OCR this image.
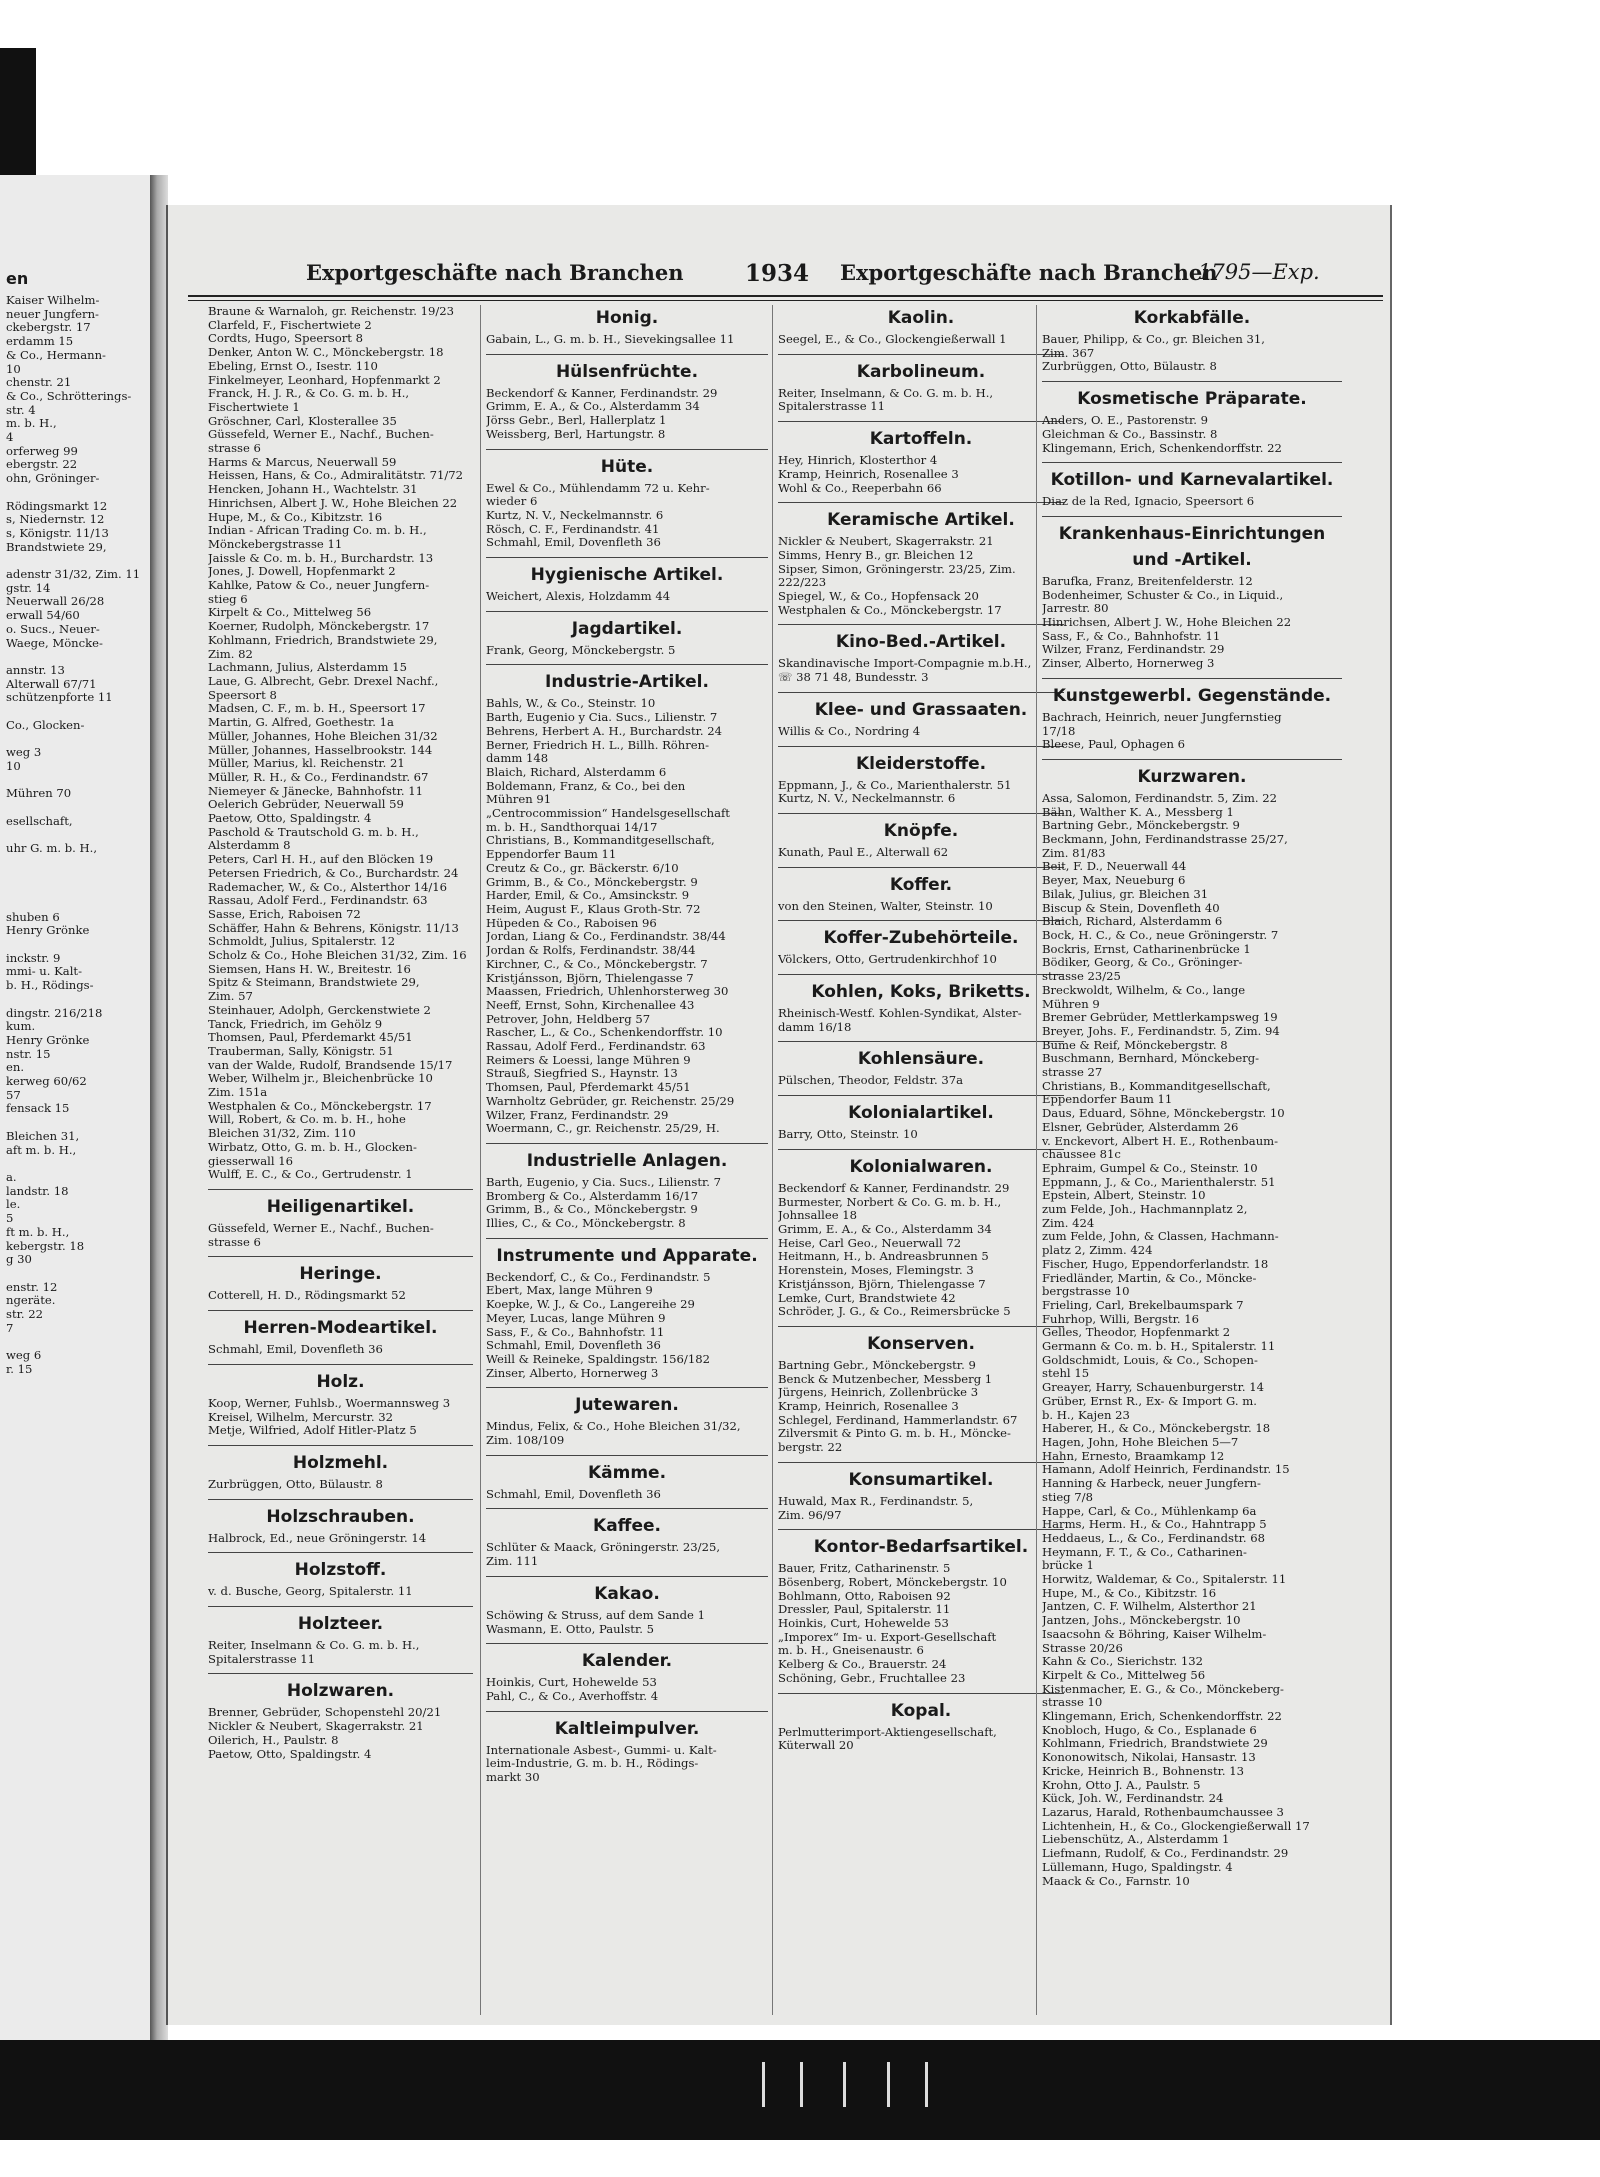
en

Kaiser Wilhelm-

neuer Jungfern-

ckebergstr. 17

erdamm 15

& Co., Hermann-

10

chenstr. 21

& Co., Schrötterings-

str. 4

m. b. H.,

4

orferweg 99

ebergstr. 22

ohn, Gröninger-

Rödingsmarkt 12

s, Niedernstr. 12

s, Königstr. 11/13

Brandstwiete 29,

adenstr 31/32, Zim. 11

gstr. 14

Neuerwall 26/28

erwall 54/60

o. Sucs., Neuer-

Waege, Möncke-

annstr. 13

Alterwall 67/71

schützenpforte 11

Co., Glocken-

weg 3

10

Mühren 70

esellschaft,

uhr G. m. b. H.,

shuben 6

Henry Grönke

inckstr. 9

mmi- u. Kalt-

b. H., Rödings-

dingstr. 216/218

kum.

Henry Grönke

nstr. 15

en.

kerweg 60/62

57

fensack 15

Bleichen 31,

aft m. b. H.,

a.

landstr. 18

le.

5

ft m. b. H.,

kebergstr. 18

g 30

enstr. 12

ngeräte.

str. 22

7

weg 6

r. 15

Exportgeschäfte nach Branchen	1934 Exportgeschäfte nach Branchen
1795—Exp.

Braune & Warnaloh, gr. Reichenstr. 19/23

Clarfeld, F., Fischertwiete 2

Cordts, Hugo, Speersort 8

Denker, Anton W. C., Mönckebergstr. 18

Ebeling, Ernst O., Isestr. 110

Finkelmeyer, Leonhard, Hopfenmarkt 2

Franck, H. J. R., & Co. G. m. b. H.,

Fischertwiete 1

Gröschner, Carl, Klosterallee 35

Güssefeld, Werner E., Nachf., Buchen-

strasse 6

Harms & Marcus, Neuerwall 59

Heissen, Hans, & Co., Admiralitätstr. 71/72

Hencken, Johann H., Wachtelstr. 31

Hinrichsen, Albert J. W., Hohe Bleichen 22

Hupe, M., & Co., Kibitzstr. 16

Indian - African Trading Co. m. b. H.,

Mönckebergstrasse 11

Jaissle & Co. m. b. H., Burchardstr. 13

Jones, J. Dowell, Hopfenmarkt 2

Kahlke, Patow & Co., neuer Jungfern-

stieg 6

Kirpelt & Co., Mittelweg 56

Koerner, Rudolph, Mönckebergstr. 17

Kohlmann, Friedrich, Brandstwiete 29,

Zim. 82

Lachmann, Julius, Alsterdamm 15

Laue, G. Albrecht, Gebr. Drexel Nachf.,

Speersort 8

Madsen, C. F., m. b. H., Speersort 17

Martin, G. Alfred, Goethestr. 1a

Müller, Johannes, Hohe Bleichen 31/32

Müller, Johannes, Hasselbrookstr. 144

Müller, Marius, kl. Reichenstr. 21

Müller, R. H., & Co., Ferdinandstr. 67

Niemeyer & Jänecke, Bahnhofstr. 11

Oelerich Gebrüder, Neuerwall 59

Paetow, Otto, Spaldingstr. 4

Paschold & Trautschold G. m. b. H.,

Alsterdamm 8

Peters, Carl H. H., auf den Blöcken 19

Petersen Friedrich, & Co., Burchardstr. 24

Rademacher, W., & Co., Alsterthor 14/16

Rassau, Adolf Ferd., Ferdinandstr. 63

Sasse, Erich, Raboisen 72

Schäffer, Hahn & Behrens, Königstr. 11/13

Schmoldt, Julius, Spitalerstr. 12

Scholz & Co., Hohe Bleichen 31/32, Zim. 16

Siemsen, Hans H. W., Breitestr. 16

Spitz & Steimann, Brandstwiete 29,

Zim. 57

Steinhauer, Adolph, Gerckenstwiete 2

Tanck, Friedrich, im Gehölz 9

Thomsen, Paul, Pferdemarkt 45/51

Trauberman, Sally, Königstr. 51

van der Walde, Rudolf, Brandsende 15/17

Weber, Wilhelm jr., Bleichenbrücke 10

Zim. 151a

Westphalen & Co., Mönckebergstr. 17

Will, Robert, & Co. m. b. H., hohe

Bleichen 31/32, Zim. 110

Wirbatz, Otto, G. m. b. H., Glocken-

giesserwall 16

Wulff, E. C., & Co., Gertrudenstr. 1

Heiligenartikel.

Güssefeld, Werner E., Nachf., Buchen-

strasse 6

Heringe.

Cotterell, H. D., Rödingsmarkt 52

Herren-Modeartikel.

Schmahl, Emil, Dovenfleth 36

Holz.

Koop, Werner, Fuhlsb., Woermannsweg 3

Kreisel, Wilhelm, Mercurstr. 32

Metje, Wilfried, Adolf Hitler-Platz 5

Holzmehl.

Zurbrüggen, Otto, Bülaustr. 8

Holzschrauben.

Halbrock, Ed., neue Gröningerstr. 14

Holzstoff.

v. d. Busche, Georg, Spitalerstr. 11

Holzteer.

Reiter, Inselmann & Co. G. m. b. H.,

Spitalerstrasse 11

Holzwaren.

Brenner, Gebrüder, Schopenstehl 20/21

Nickler & Neubert, Skagerrakstr. 21

Oilerich, H., Paulstr. 8

Paetow, Otto, Spaldingstr. 4

Honig.

Gabain, L., G. m. b. H., Sievekingsallee 11

Hülsenfrüchte.

Beckendorf & Kanner, Ferdinandstr. 29

Grimm, E. A., & Co., Alsterdamm 34

Jörss Gebr., Berl, Hallerplatz 1

Weissberg, Berl, Hartungstr. 8

Hüte.

Ewel & Co., Mühlendamm 72 u. Kehr-

wieder 6

Kurtz, N. V., Neckelmannstr. 6

Rösch, C. F., Ferdinandstr. 41

Schmahl, Emil, Dovenfleth 36

Hygienische Artikel.

Weichert, Alexis, Holzdamm 44

Jagdartikel.

Frank, Georg, Mönckebergstr. 5

Industrie-Artikel.

Bahls, W., & Co., Steinstr. 10

Barth, Eugenio y Cia. Sucs., Lilienstr. 7

Behrens, Herbert A. H., Burchardstr. 24

Berner, Friedrich H. L., Billh. Röhren-

damm 148

Blaich, Richard, Alsterdamm 6

Boldemann, Franz, & Co., bei den

Mühren 91

„Centrocommission“ Handelsgesellschaft

m. b. H., Sandthorquai 14/17

Christians, B., Kommanditgesellschaft,

Eppendorfer Baum 11

Creutz & Co., gr. Bäckerstr. 6/10

Grimm, B., & Co., Mönckebergstr. 9

Harder, Emil, & Co., Amsinckstr. 9

Heim, August F., Klaus Groth-Str. 72

Hüpeden & Co., Raboisen 96

Jordan, Liang & Co., Ferdinandstr. 38/44

Jordan & Rolfs, Ferdinandstr. 38/44

Kirchner, C., & Co., Mönckebergstr. 7

Kristjánsson, Björn, Thielengasse 7

Maassen, Friedrich, Uhlenhorsterweg 30

Neeff, Ernst, Sohn, Kirchenallee 43

Petrover, John, Heldberg 57

Rascher, L., & Co., Schenkendorffstr. 10

Rassau, Adolf Ferd., Ferdinandstr. 63

Reimers & Loessi, lange Mühren 9

Strauß, Siegfried S., Haynstr. 13

Thomsen, Paul, Pferdemarkt 45/51

Warnholtz Gebrüder, gr. Reichenstr. 25/29

Wilzer, Franz, Ferdinandstr. 29

Woermann, C., gr. Reichenstr. 25/29, H.

Industrielle Anlagen.

Barth, Eugenio, y Cia. Sucs., Lilienstr. 7

Bromberg & Co., Alsterdamm 16/17

Grimm, B., & Co., Mönckebergstr. 9

Illies, C., & Co., Mönckebergstr. 8

Instrumente und Apparate.

Beckendorf, C., & Co., Ferdinandstr. 5

Ebert, Max, lange Mühren 9

Koepke, W. J., & Co., Langereihe 29

Meyer, Lucas, lange Mühren 9

Sass, F., & Co., Bahnhofstr. 11

Schmahl, Emil, Dovenfleth 36

Weill & Reineke, Spaldingstr. 156/182

Zinser, Alberto, Hornerweg 3

Jutewaren.

Mindus, Felix, & Co., Hohe Bleichen 31/32,

Zim. 108/109

Kämme.

Schmahl, Emil, Dovenfleth 36

Kaffee.

Schlüter & Maack, Gröningerstr. 23/25,

Zim. 111

Kakao.

Schöwing & Struss, auf dem Sande 1

Wasmann, E. Otto, Paulstr. 5

Kalender.

Hoinkis, Curt, Hohewelde 53

Pahl, C., & Co., Averhoffstr. 4

Kaltleimpulver.

Internationale Asbest-, Gummi- u. Kalt-

leim-Industrie, G. m. b. H., Rödings-

markt 30

Kaolin.

Seegel, E., & Co., Glockengießerwall 1

Karbolineum.

Reiter, Inselmann, & Co. G. m. b. H.,

Spitalerstrasse 11

Kartoffeln.

Hey, Hinrich, Klosterthor 4

Kramp, Heinrich, Rosenallee 3

Wohl & Co., Reeperbahn 66

Keramische Artikel.

Nickler & Neubert, Skagerrakstr. 21

Simms, Henry B., gr. Bleichen 12

Sipser, Simon, Gröningerstr. 23/25, Zim.

222/223

Spiegel, W., & Co., Hopfensack 20

Westphalen & Co., Mönckebergstr. 17

Kino-Bed.-Artikel.

Skandinavische Import-Compagnie m.b.H.,

☏ 38 71 48, Bundesstr. 3

Klee- und Grassaaten.

Willis & Co., Nordring 4

Kleiderstoffe.

Eppmann, J., & Co., Marienthalerstr. 51

Kurtz, N. V., Neckelmannstr. 6

Knöpfe.

Kunath, Paul E., Alterwall 62

Koffer.

von den Steinen, Walter, Steinstr. 10

Koffer-Zubehörteile.

Völckers, Otto, Gertrudenkirchhof 10

Kohlen, Koks, Briketts.

Rheinisch-Westf. Kohlen-Syndikat, Alster-

damm 16/18

Kohlensäure.

Pülschen, Theodor, Feldstr. 37a

Kolonialartikel.

Barry, Otto, Steinstr. 10

Kolonialwaren.

Beckendorf & Kanner, Ferdinandstr. 29

Burmester, Norbert & Co. G. m. b. H.,

Johnsallee 18

Grimm, E. A., & Co., Alsterdamm 34

Heise, Carl Geo., Neuerwall 72

Heitmann, H., b. Andreasbrunnen 5

Horenstein, Moses, Flemingstr. 3

Kristjánsson, Björn, Thielengasse 7

Lemke, Curt, Brandstwiete 42

Schröder, J. G., & Co., Reimersbrücke 5

Konserven.

Bartning Gebr., Mönckebergstr. 9

Benck & Mutzenbecher, Messberg 1

Jürgens, Heinrich, Zollenbrücke 3

Kramp, Heinrich, Rosenallee 3

Schlegel, Ferdinand, Hammerlandstr. 67

Zilversmit & Pinto G. m. b. H., Möncke-

bergstr. 22

Konsumartikel.

Huwald, Max R., Ferdinandstr. 5,

Zim. 96/97

Kontor-Bedarfsartikel.

Bauer, Fritz, Catharinenstr. 5

Bösenberg, Robert, Mönckebergstr. 10

Bohlmann, Otto, Raboisen 92

Dressler, Paul, Spitalerstr. 11

Hoinkis, Curt, Hohewelde 53

„Imporex“ Im- u. Export-Gesellschaft

m. b. H., Gneisenaustr. 6

Kelberg & Co., Brauerstr. 24

Schöning, Gebr., Fruchtallee 23

Kopal.

Perlmutterimport-Aktiengesellschaft,

Küterwall 20

Korkabfälle.

Bauer, Philipp, & Co., gr. Bleichen 31,

Zim. 367

Zurbrüggen, Otto, Bülaustr. 8

Kosmetische Präparate.

Anders, O. E., Pastorenstr. 9

Gleichman & Co., Bassinstr. 8

Klingemann, Erich, Schenkendorffstr. 22

Kotillon- und Karnevalartikel.

Diaz de la Red, Ignacio, Speersort 6

Krankenhaus-Einrichtungen
und -Artikel.

Barufka, Franz, Breitenfelderstr. 12

Bodenheimer, Schuster & Co., in Liquid.,

Jarrestr. 80

Hinrichsen, Albert J. W., Hohe Bleichen 22

Sass, F., & Co., Bahnhofstr. 11

Wilzer, Franz, Ferdinandstr. 29

Zinser, Alberto, Hornerweg 3

Kunstgewerbl. Gegenstände.

Bachrach, Heinrich, neuer Jungfernstieg

17/18

Bleese, Paul, Ophagen 6

Kurzwaren.

Assa, Salomon, Ferdinandstr. 5, Zim. 22

Bähn, Walther K. A., Messberg 1

Bartning Gebr., Mönckebergstr. 9

Beckmann, John, Ferdinandstrasse 25/27,

Zim. 81/83

Beit, F. D., Neuerwall 44

Beyer, Max, Neueburg 6

Bilak, Julius, gr. Bleichen 31

Biscup & Stein, Dovenfleth 40

Blaich, Richard, Alsterdamm 6

Bock, H. C., & Co., neue Gröningerstr. 7

Bockris, Ernst, Catharinenbrücke 1

Bödiker, Georg, & Co., Gröninger-

strasse 23/25

Breckwoldt, Wilhelm, & Co., lange

Mühren 9

Bremer Gebrüder, Mettlerkampsweg 19

Breyer, Johs. F., Ferdinandstr. 5, Zim. 94

Bume & Reif, Mönckebergstr. 8

Buschmann, Bernhard, Mönckeberg-

strasse 27

Christians, B., Kommanditgesellschaft,

Eppendorfer Baum 11

Daus, Eduard, Söhne, Mönckebergstr. 10

Elsner, Gebrüder, Alsterdamm 26

v. Enckevort, Albert H. E., Rothenbaum-

chaussee 81c

Ephraim, Gumpel & Co., Steinstr. 10

Eppmann, J., & Co., Marienthalerstr. 51

Epstein, Albert, Steinstr. 10

zum Felde, Joh., Hachmannplatz 2,

Zim. 424

zum Felde, John, & Classen, Hachmann-

platz 2, Zimm. 424

Fischer, Hugo, Eppendorferlandstr. 18

Friedländer, Martin, & Co., Möncke-

bergstrasse 10

Frieling, Carl, Brekelbaumspark 7

Fuhrhop, Willi, Bergstr. 16

Gelles, Theodor, Hopfenmarkt 2

Germann & Co. m. b. H., Spitalerstr. 11

Goldschmidt, Louis, & Co., Schopen-

stehl 15

Greayer, Harry, Schauenburgerstr. 14

Grüber, Ernst R., Ex- & Import G. m.

b. H., Kajen 23

Haberer, H., & Co., Mönckebergstr. 18

Hagen, John, Hohe Bleichen 5—7

Hahn, Ernesto, Braamkamp 12

Hamann, Adolf Heinrich, Ferdinandstr. 15

Hanning & Harbeck, neuer Jungfern-

stieg 7/8

Happe, Carl, & Co., Mühlenkamp 6a

Harms, Herm. H., & Co., Hahntrapp 5

Heddaeus, L., & Co., Ferdinandstr. 68

Heymann, F. T., & Co., Catharinen-

brücke 1

Horwitz, Waldemar, & Co., Spitalerstr. 11

Hupe, M., & Co., Kibitzstr. 16

Jantzen, C. F. Wilhelm, Alsterthor 21

Jantzen, Johs., Mönckebergstr. 10

Isaacsohn & Böhring, Kaiser Wilhelm-

Strasse 20/26

Kahn & Co., Sierichstr. 132

Kirpelt & Co., Mittelweg 56

Kistenmacher, E. G., & Co., Mönckeberg-

strasse 10

Klingemann, Erich, Schenkendorffstr. 22

Knobloch, Hugo, & Co., Esplanade 6

Kohlmann, Friedrich, Brandstwiete 29

Kononowitsch, Nikolai, Hansastr. 13

Kricke, Heinrich B., Bohnenstr. 13

Krohn, Otto J. A., Paulstr. 5

Kück, Joh. W., Ferdinandstr. 24

Lazarus, Harald, Rothenbaumchaussee 3

Lichtenhein, H., & Co., Glockengießerwall 17

Liebenschütz, A., Alsterdamm 1

Liefmann, Rudolf, & Co., Ferdinandstr. 29

Lüllemann, Hugo, Spaldingstr. 4

Maack & Co., Farnstr. 10
